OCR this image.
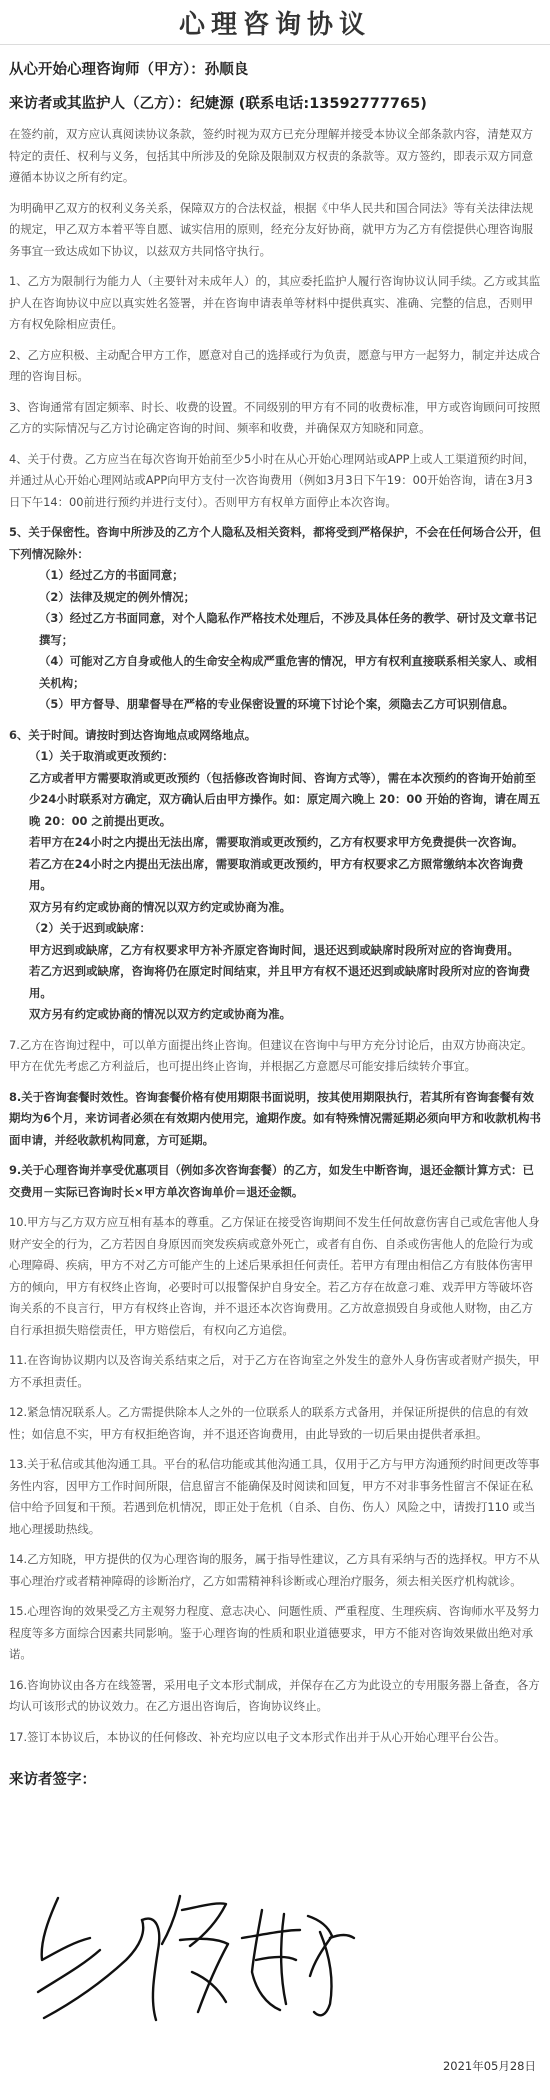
心理咨询协议
从心开始心理咨询师（甲方）：孙顺良
来访者或其监护人（乙方）：纪婕源 (联系电话:13592777765)

在签约前，双方应认真阅读协议条款，签约时视为双方已充分理解并接受本协议全部条款内容，清楚双方特定的责任、权利与义务，包括其中所涉及的免除及限制双方权责的条款等。双方签约，即表示双方同意遵循本协议之所有约定。

为明确甲乙双方的权利义务关系，保障双方的合法权益，根据《中华人民共和国合同法》等有关法律法规的规定，甲乙双方本着平等自愿、诚实信用的原则，经充分友好协商，就甲方为乙方有偿提供心理咨询服务事宜一致达成如下协议，以兹双方共同恪守执行。

1、乙方为限制行为能力人（主要针对未成年人）的，其应委托监护人履行咨询协议认同手续。乙方或其监护人在咨询协议中应以真实姓名签署，并在咨询申请表单等材料中提供真实、准确、完整的信息，否则甲方有权免除相应责任。

2、乙方应积极、主动配合甲方工作，愿意对自己的选择或行为负责，愿意与甲方一起努力，制定并达成合理的咨询目标。

3、咨询通常有固定频率、时长、收费的设置。不同级别的甲方有不同的收费标准，甲方或咨询顾问可按照乙方的实际情况与乙方讨论确定咨询的时间、频率和收费，并确保双方知晓和同意。

4、关于付费。乙方应当在每次咨询开始前至少5小时在从心开始心理网站或APP上或人工渠道预约时间，并通过从心开始心理网站或APP向甲方支付一次咨询费用（例如3月3日下午19：00开始咨询，请在3月3日下午14：00前进行预约并进行支付）。否则甲方有权单方面停止本次咨询。

5、关于保密性。咨询中所涉及的乙方个人隐私及相关资料，都将受到严格保护，不会在任何场合公开，但下列情况除外：

（1）经过乙方的书面同意；

（2）法律及规定的例外情况；

（3）经过乙方书面同意，对个人隐私作严格技术处理后，不涉及具体任务的教学、研讨及文章书记撰写；

（4）可能对乙方自身或他人的生命安全构成严重危害的情况，甲方有权利直接联系相关家人、或相关机构；

（5）甲方督导、朋辈督导在严格的专业保密设置的环境下讨论个案，须隐去乙方可识别信息。

6、关于时间。请按时到达咨询地点或网络地点。

（1）关于取消或更改预约：

乙方或者甲方需要取消或更改预约（包括修改咨询时间、咨询方式等），需在本次预约的咨询开始前至少24小时联系对方确定，双方确认后由甲方操作。如：原定周六晚上 20：00 开始的咨询，请在周五晚 20：00 之前提出更改。

若甲方在24小时之内提出无法出席，需要取消或更改预约，乙方有权要求甲方免费提供一次咨询。

若乙方在24小时之内提出无法出席，需要取消或更改预约，甲方有权要求乙方照常缴纳本次咨询费用。

双方另有约定或协商的情况以双方约定或协商为准。

（2）关于迟到或缺席：

甲方迟到或缺席，乙方有权要求甲方补齐原定咨询时间，退还迟到或缺席时段所对应的咨询费用。

若乙方迟到或缺席，咨询将仍在原定时间结束，并且甲方有权不退还迟到或缺席时段所对应的咨询费用。

双方另有约定或协商的情况以双方约定或协商为准。

7.乙方在咨询过程中，可以单方面提出终止咨询。但建议在咨询中与甲方充分讨论后，由双方协商决定。甲方在优先考虑乙方利益后，也可提出终止咨询，并根据乙方意愿尽可能安排后续转介事宜。

8.关于咨询套餐时效性。咨询套餐价格有使用期限书面说明，按其使用期限执行，若其所有咨询套餐有效期均为6个月，来访词者必须在有效期内使用完，逾期作废。如有特殊情况需延期必须向甲方和收款机构书面申请，并经收款机构同意，方可延期。

9.关于心理咨询并享受优惠项目（例如多次咨询套餐）的乙方，如发生中断咨询，退还金额计算方式：已交费用－实际已咨询时长×甲方单次咨询单价＝退还金额。

10.甲方与乙方双方应互相有基本的尊重。乙方保证在接受咨询期间不发生任何故意伤害自己或危害他人身财产安全的行为，乙方若因自身原因而突发疾病或意外死亡，或者有自伤、自杀或伤害他人的危险行为或心理障碍、疾病，甲方不对乙方可能产生的上述后果承担任何责任。若甲方有理由相信乙方有肢体伤害甲方的倾向，甲方有权终止咨询，必要时可以报警保护自身安全。若乙方存在故意刁难、戏弄甲方等破坏咨询关系的不良言行，甲方有权终止咨询，并不退还本次咨询费用。乙方故意损毁自身或他人财物，由乙方自行承担损失赔偿责任，甲方赔偿后，有权向乙方追偿。

11.在咨询协议期内以及咨询关系结束之后，对于乙方在咨询室之外发生的意外人身伤害或者财产损失，甲方不承担责任。

12.紧急情况联系人。乙方需提供除本人之外的一位联系人的联系方式备用，并保证所提供的信息的有效性；如信息不实，甲方有权拒绝咨询，并不退还咨询费用，由此导致的一切后果由提供者承担。

13.关于私信或其他沟通工具。平台的私信功能或其他沟通工具，仅用于乙方与甲方沟通预约时间更改等事务性内容，因甲方工作时间所限，信息留言不能确保及时阅读和回复，甲方不对非事务性留言不保证在私信中给予回复和干预。若遇到危机情况，即正处于危机（自杀、自伤、伤人）风险之中，请拨打110 或当地心理援助热线。

14.乙方知晓，甲方提供的仅为心理咨询的服务，属于指导性建议，乙方具有采纳与否的选择权。甲方不从事心理治疗或者精神障碍的诊断治疗，乙方如需精神科诊断或心理治疗服务，须去相关医疗机构就诊。

15.心理咨询的效果受乙方主观努力程度、意志决心、问题性质、严重程度、生理疾病、咨询师水平及努力程度等多方面综合因素共同影响。鉴于心理咨询的性质和职业道德要求，甲方不能对咨询效果做出绝对承诺。

16.咨询协议由各方在线签署，采用电子文本形式制成，并保存在乙方为此设立的专用服务器上备查，各方均认可该形式的协议效力。在乙方退出咨询后，咨询协议终止。

17.签订本协议后，本协议的任何修改、补充均应以电子文本形式作出并于从心开始心理平台公告。

来访者签字：
2021年05月28日
